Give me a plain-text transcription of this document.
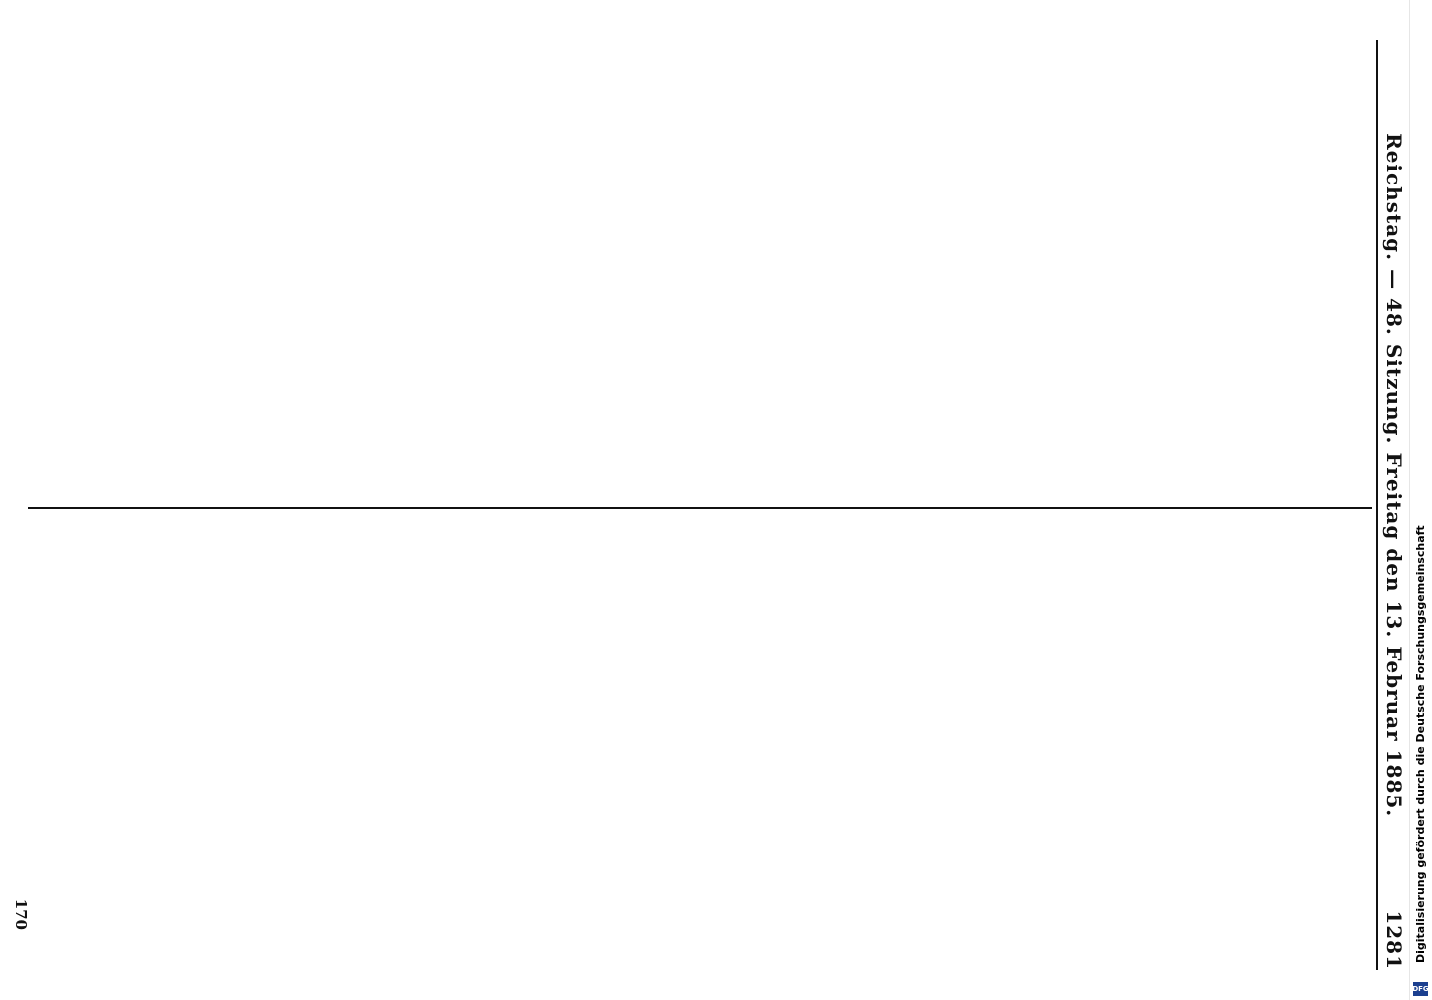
Reichstag. — 48. Sitzung. Freitag den 13. Februar 1885.
1281
170	Digitalisierung gefördert durch die Deutsche Forschungsgemeinschaft
DFG
